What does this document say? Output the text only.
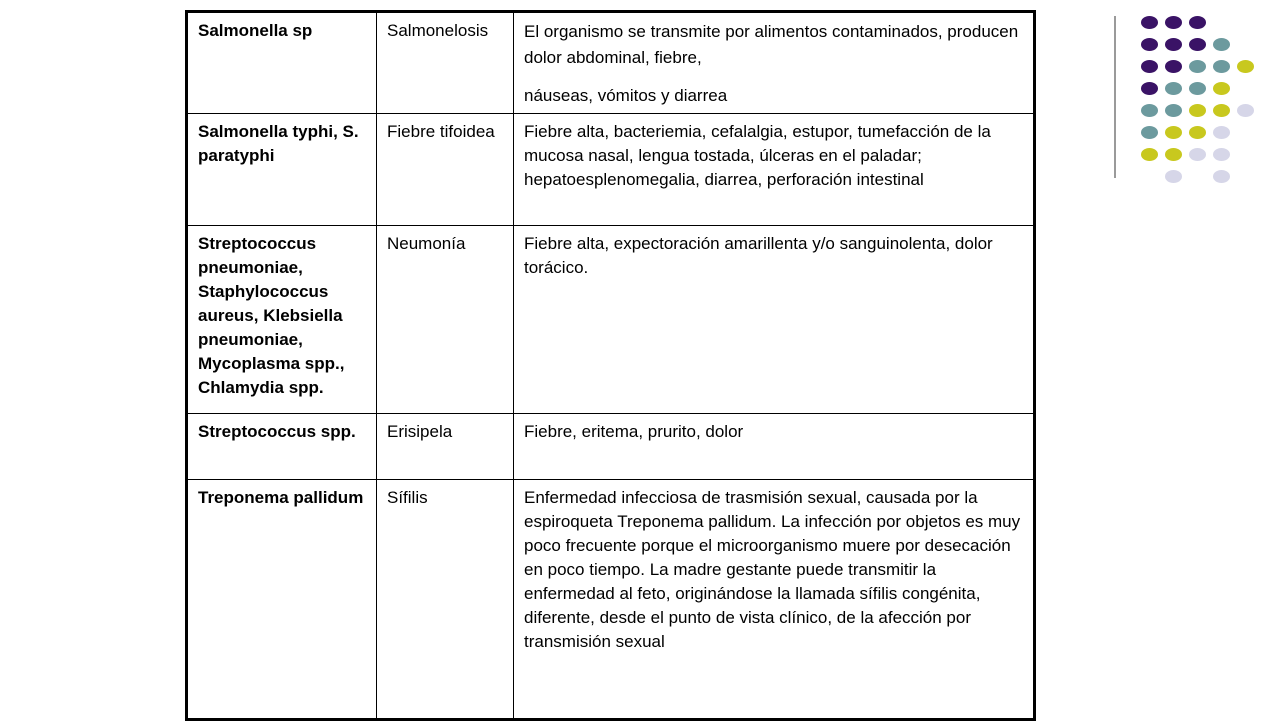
Salmonella sp	Salmonelosis	El organismo se transmite por alimentos contaminados, producen dolor abdominal, fiebre,
náuseas, vómitos y diarrea

Salmonella typhi, S. paratyphi	Fiebre tifoidea	Fiebre alta, bacteriemia, cefalalgia, estupor, tumefacción de la mucosa nasal, lengua tostada, úlceras en el paladar; hepatoesplenomegalia, diarrea, perforación intestinal
Streptococcus pneumoniae, Staphylococcus aureus, Klebsiella pneumoniae, Mycoplasma spp., Chlamydia spp.	Neumonía	Fiebre alta, expectoración amarillenta y/o sanguinolenta, dolor torácico.
Streptococcus spp.	Erisipela	Fiebre, eritema, prurito, dolor
Treponema pallidum	Sífilis	Enfermedad infecciosa de trasmisión sexual, causada por la espiroqueta Treponema pallidum. La infección por objetos es muy poco frecuente porque el microorganismo muere por desecación en poco tiempo. La madre gestante puede transmitir la enfermedad al feto, originándose la llamada sífilis congénita, diferente, desde el punto de vista clínico, de la afección por transmisión sexual
